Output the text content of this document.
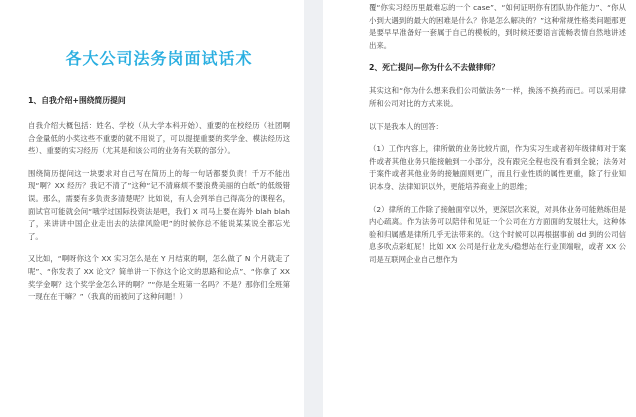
各大公司法务岗面试话术
1、自我介绍+围绕简历提问
自我介绍大概包括：姓名、学校（从大学本科开始）、重要的在校经历（社团啊合金量低的小奖这些不重要的就不用说了，可以提提重要的奖学金、模法经历这些）、重要的实习经历（尤其是和该公司的业务有关联的部分）。
围绕简历提问这一块要求对自己写在简历上的每一句话都要负责！千万不能出现“啊？XX 经历？我记不清了”这种“记不清麻烦不要浪费美丽的白纸”的低级错误。那么，需要有多负责多清楚呢？比如说，有人会列举自己得高分的课程名，面试官可能就会问“哦学过国际投资法是吧，我们 X 司马上要在海外 blah blah 了，来讲讲中国企业走出去的法律风险吧”的时候你总不能说某某说全都忘光了。
又比如，“啊呀你这个 XX 实习怎么是在 Y 月结束的啊，怎么做了 N 个月就走了呢”、“你发表了 XX 论文？简单讲一下你这个论文的思路和论点”、“你拿了 XX 奖学金啊？这个奖学金怎么评的啊？”“你是全班第一名吗？不是？那你们全班第一现在在干嘛？”（我真的而被问了这种问题！）
覆“你实习经历里最难忘的一个 case”、“如何证明你有团队协作能力”、“你从小到大遇到的最大的困难是什么？你是怎么解决的？”这种常规性格类问题那更是要早早准备好一套属于自己的模板的，到时候还要语言流畅表情自然地讲述出来。
2、死亡提问—你为什么不去做律师？
其实这和“你为什么想来我们公司做法务”一样，换汤不换药而已。可以采用律所和公司对比的方式来说。
以下是我本人的回答：
（1）工作内容上，律所做的业务比较片面，作为实习生或者初年级律师对于案件或者其他业务只能接触到一小部分，没有跟完全程也没有看到全貌；法务对于案件或者其他业务的接触面则更广，而且行业性质的属性更重，除了行业知识本身、法律知识以外，更能培养商业上的思维；
（2）律所的工作除了接触面窄以外，更深层次来说，对具体业务可能熟练但是内心疏离。作为法务可以陪伴和见证一个公司在方方面面的发展壮大，这种体验和归属感是律所几乎无法带来的。（这个时候可以再根据事前 dd 到的公司信息多吹点彩虹屁！比如 XX 公司是行业龙头/稳想站在行业顶端啦，或者 XX 公司是互联网企业自己想作为
